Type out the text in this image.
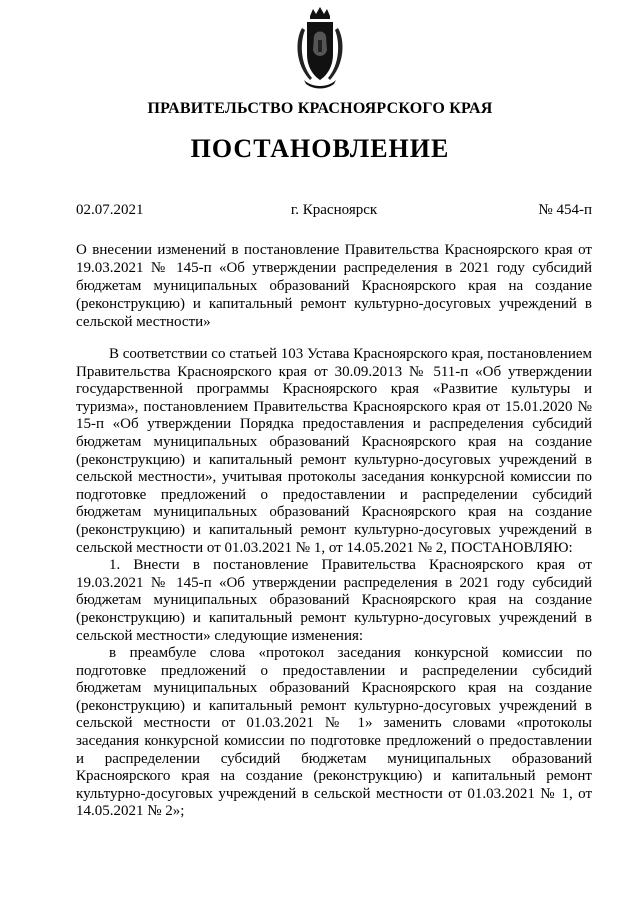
ПРАВИТЕЛЬСТВО КРАСНОЯРСКОГО КРАЯ
ПОСТАНОВЛЕНИЕ
г. Красноярск
02.07.2021	№ 454-п

О внесении изменений в постановление Правительства Красноярского края от 19.03.2021 № 145-п «Об утверждении распределения в 2021 году субсидий бюджетам муниципальных образований Красноярского края на создание (реконструкцию) и капитальный ремонт культурно-досуговых учреждений в сельской местности»

В соответствии со статьей 103 Устава Красноярского края, постановлением Правительства Красноярского края от 30.09.2013 № 511-п «Об утверждении государственной программы Красноярского края «Развитие культуры и туризма», постановлением Правительства Красноярского края от 15.01.2020 № 15-п «Об утверждении Порядка предоставления и распределения субсидий бюджетам муниципальных образований Красноярского края на создание (реконструкцию) и капитальный ремонт культурно-досуговых учреждений в сельской местности», учитывая протоколы заседания конкурсной комиссии по подготовке предложений о предоставлении и распределении субсидий бюджетам муниципальных образований Красноярского края на создание (реконструкцию) и капитальный ремонт культурно-досуговых учреждений в сельской местности от 01.03.2021 № 1, от 14.05.2021 № 2, ПОСТАНОВЛЯЮ:

1. Внести в постановление Правительства Красноярского края от 19.03.2021 № 145-п «Об утверждении распределения в 2021 году субсидий бюджетам муниципальных образований Красноярского края на создание (реконструкцию) и капитальный ремонт культурно-досуговых учреждений в сельской местности» следующие изменения:

в преамбуле слова «протокол заседания конкурсной комиссии по подготовке предложений о предоставлении и распределении субсидий бюджетам муниципальных образований Красноярского края на создание (реконструкцию) и капитальный ремонт культурно-досуговых учреждений в сельской местности от 01.03.2021 № 1» заменить словами «протоколы заседания конкурсной комиссии по подготовке предложений о предоставлении и распределении субсидий бюджетам муниципальных образований Красноярского края на создание (реконструкцию) и капитальный ремонт культурно-досуговых учреждений в сельской местности от 01.03.2021 № 1, от 14.05.2021 № 2»;
